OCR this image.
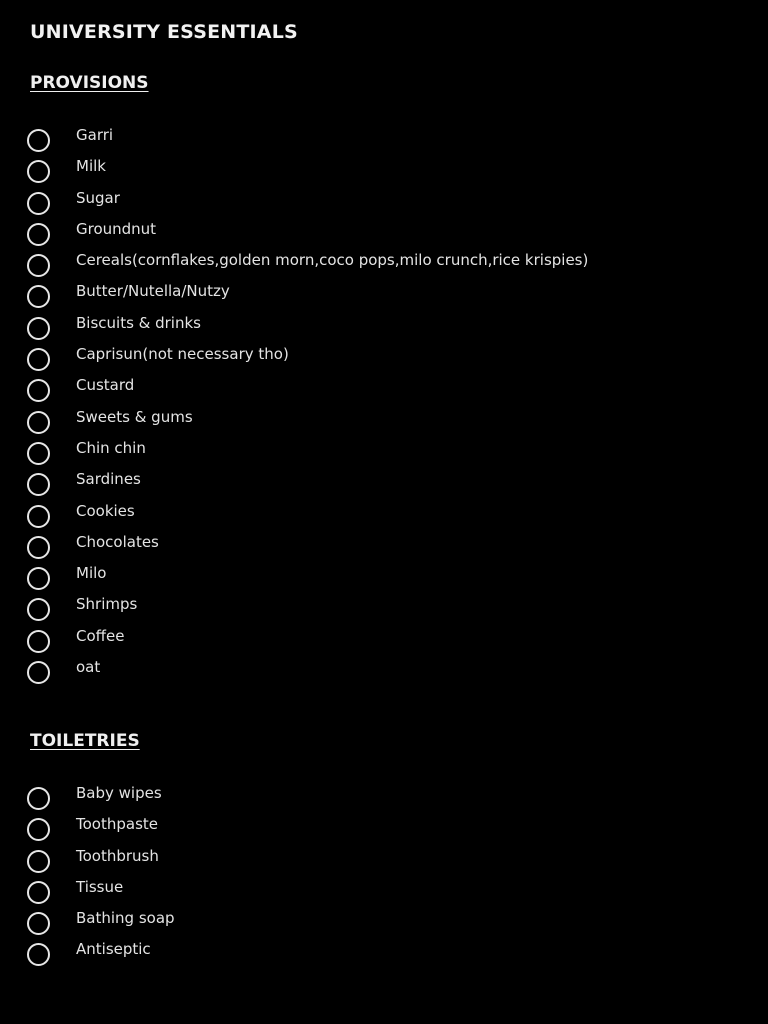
UNIVERSITY ESSENTIALS
PROVISIONS
Garri
Milk
Sugar
Groundnut
Cereals(cornflakes,golden morn,coco pops,milo crunch,rice krispies)
Butter/Nutella/Nutzy
Biscuits & drinks
Caprisun(not necessary tho)
Custard
Sweets & gums
Chin chin
Sardines
Cookies
Chocolates
Milo
Shrimps
Coffee
oat
TOILETRIES
Baby wipes
Toothpaste
Toothbrush
Tissue
Bathing soap
Antiseptic
